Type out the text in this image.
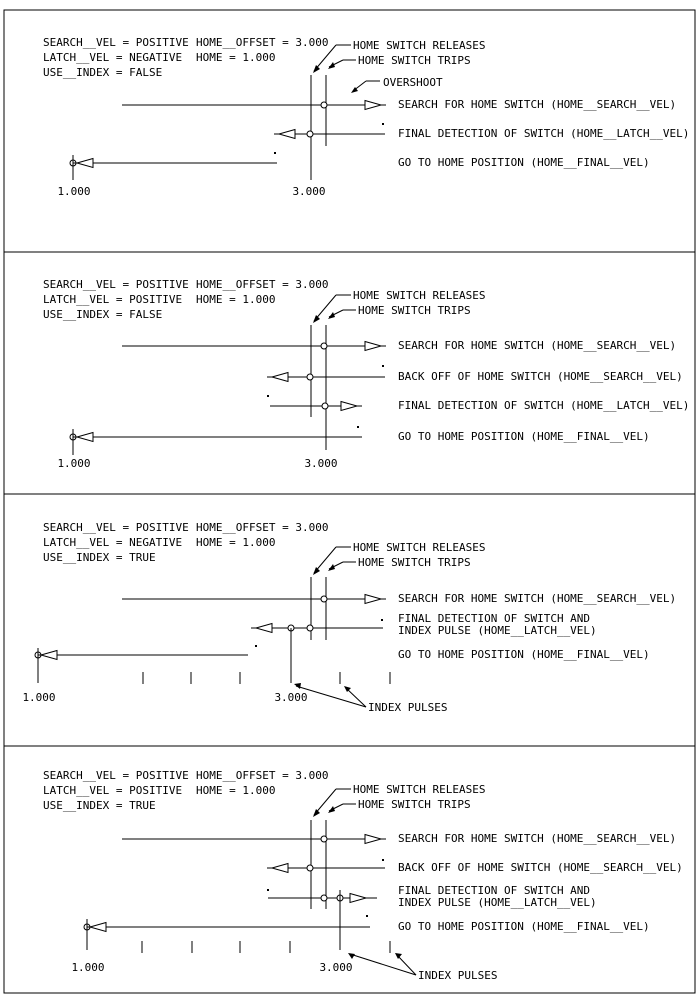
SEARCH__VEL = POSITIVE
LATCH__VEL = NEGATIVE
USE__INDEX = FALSE
HOME__OFFSET = 3.000
HOME = 1.000
HOME SWITCH RELEASES
HOME SWITCH TRIPS
OVERSHOOT
SEARCH FOR HOME SWITCH (HOME__SEARCH__VEL)
FINAL DETECTION OF SWITCH (HOME__LATCH__VEL)
GO TO HOME POSITION (HOME__FINAL__VEL)
1.000	3.000
SEARCH__VEL = POSITIVE
LATCH__VEL = POSITIVE
USE__INDEX = FALSE
HOME__OFFSET = 3.000
HOME = 1.000	HOME SWITCH RELEASES
HOME SWITCH TRIPS
SEARCH FOR HOME SWITCH (HOME__SEARCH__VEL)
BACK OFF OF HOME SWITCH (HOME__SEARCH__VEL)
FINAL DETECTION OF SWITCH (HOME__LATCH__VEL)
GO TO HOME POSITION (HOME__FINAL__VEL)
1.000	3.000
SEARCH__VEL = POSITIVE
LATCH__VEL = NEGATIVE
USE__INDEX = TRUE
HOME__OFFSET = 3.000
HOME = 1.000	HOME SWITCH RELEASES
HOME SWITCH TRIPS
SEARCH FOR HOME SWITCH (HOME__SEARCH__VEL)
FINAL DETECTION OF SWITCH AND
INDEX PULSE (HOME__LATCH__VEL)
GO TO HOME POSITION (HOME__FINAL__VEL)
1.000	3.000
INDEX PULSES
SEARCH__VEL = POSITIVE
LATCH__VEL = POSITIVE
USE__INDEX = TRUE
HOME__OFFSET = 3.000
HOME = 1.000	HOME SWITCH RELEASES
HOME SWITCH TRIPS
SEARCH FOR HOME SWITCH (HOME__SEARCH__VEL)
BACK OFF OF HOME SWITCH (HOME__SEARCH__VEL)
FINAL DETECTION OF SWITCH AND
INDEX PULSE (HOME__LATCH__VEL)
GO TO HOME POSITION (HOME__FINAL__VEL)
1.000	3.000
INDEX PULSES
